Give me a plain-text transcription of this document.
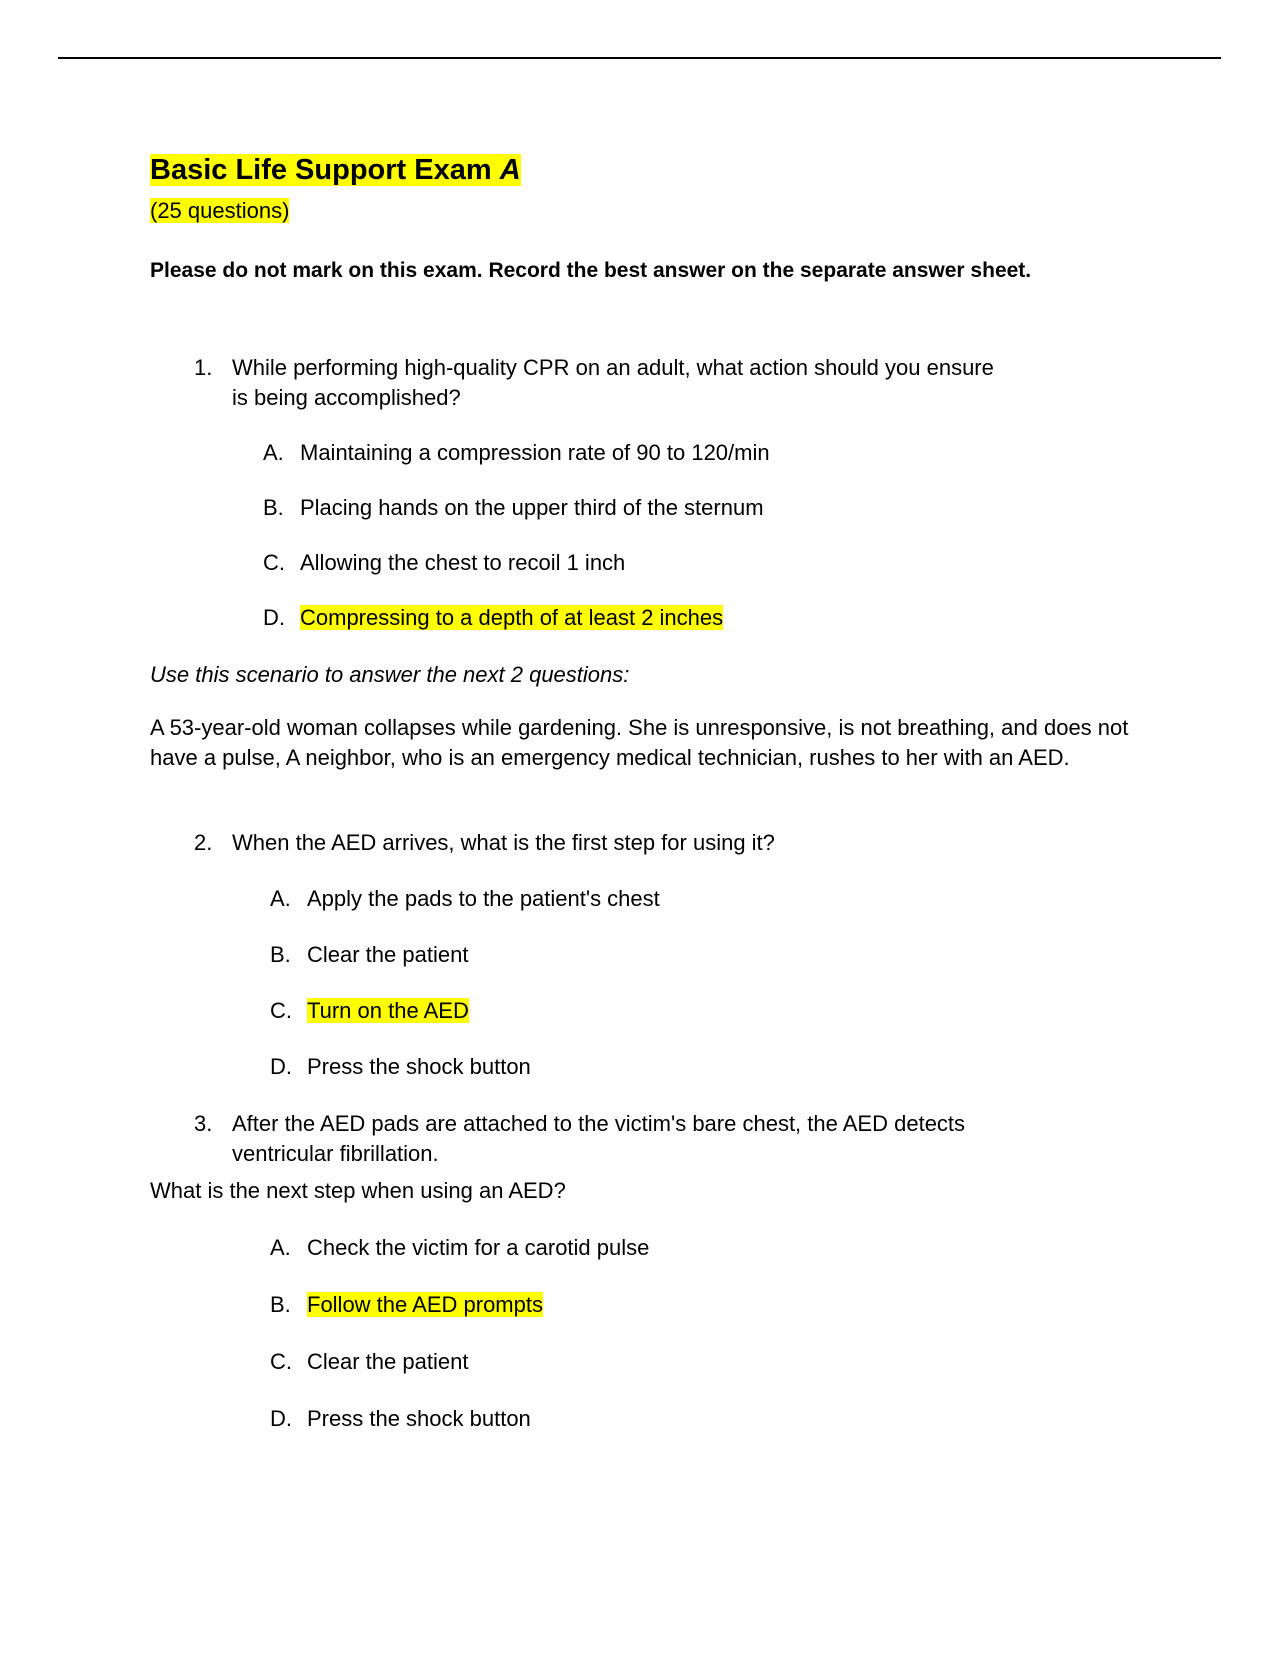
Basic Life Support Exam A
(25 questions)
Please do not mark on this exam. Record the best answer on the separate answer sheet.
1. While performing high-quality CPR on an adult, what action should you ensure
is being accomplished?
A. Maintaining a compression rate of 90 to 120/min
B. Placing hands on the upper third of the sternum
C. Allowing the chest to recoil 1 inch
D. Compressing to a depth of at least 2 inches
Use this scenario to answer the next 2 questions:
A 53-year-old woman collapses while gardening. She is unresponsive, is not breathing, and does not have a pulse, A neighbor, who is an emergency medical technician, rushes to her with an AED.
2. When the AED arrives, what is the first step for using it?
A. Apply the pads to the patient's chest
B. Clear the patient
C. Turn on the AED
D. Press the shock button
3. After the AED pads are attached to the victim's bare chest, the AED detects
ventricular fibrillation.
What is the next step when using an AED?
A. Check the victim for a carotid pulse
B. Follow the AED prompts
C. Clear the patient
D. Press the shock button
